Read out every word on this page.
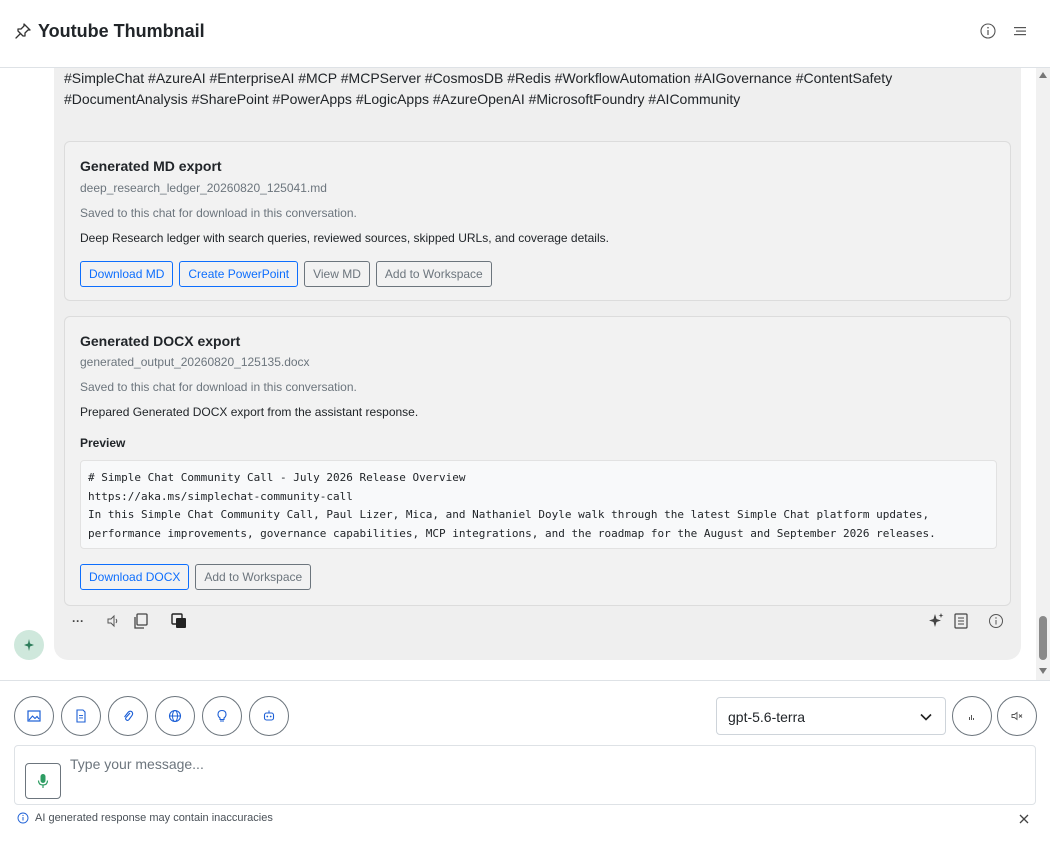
Youtube Thumbnail
#SimpleChat #AzureAI #EnterpriseAI #MCP #MCPServer #CosmosDB #Redis #WorkflowAutomation #AIGovernance #ContentSafety #DocumentAnalysis #SharePoint #PowerApps #LogicApps #AzureOpenAI #MicrosoftFoundry #AICommunity
Generated MD export
deep_research_ledger_20260820_125041.md
Saved to this chat for download in this conversation.
Deep Research ledger with search queries, reviewed sources, skipped URLs, and coverage details.
Download MD	Create PowerPoint	View MD	Add to Workspace
Generated DOCX export
generated_output_20260820_125135.docx
Saved to this chat for download in this conversation.
Prepared Generated DOCX export from the assistant response.
Preview
# Simple Chat Community Call - July 2026 Release Overview
https://aka.ms/simplechat-community-call
In this Simple Chat Community Call, Paul Lizer, Mica, and Nathaniel Doyle walk through the latest Simple Chat platform updates,
performance improvements, governance capabilities, MCP integrations, and the roadmap for the August and September 2026 releases.
Download DOCX	Add to Workspace
···
gpt-5.6-terra
Type your message...
AI generated response may contain inaccuracies
